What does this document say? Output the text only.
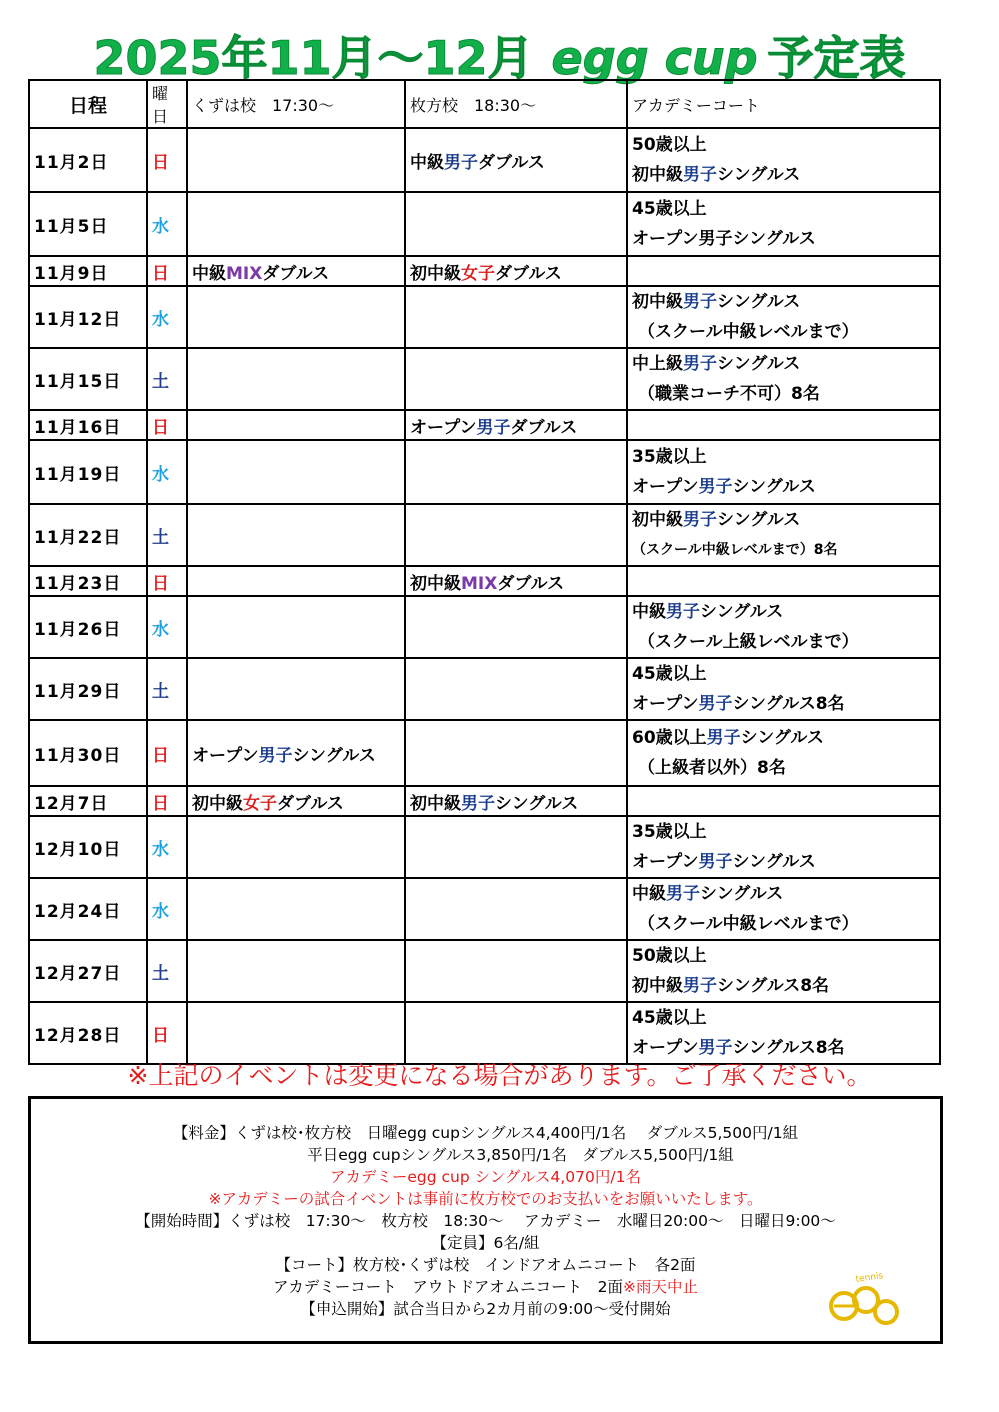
2025年11月～12月 egg cup 予定表
日程	曜日	くずは校　17:30～	枚方校　18:30～	アカデミーコート
11月2日	日		中級男子ダブルス	50歳以上
初中級男子シングルス

11月5日	水			45歳以上
オープン男子シングルス

11月9日	日	中級MIXダブルス	初中級女子ダブルス	
11月12日	水			初中級男子シングルス
（スクール中級レベルまで）

11月15日	土			中上級男子シングルス
（職業コーチ不可）8名

11月16日	日		オープン男子ダブルス	
11月19日	水			35歳以上
オープン男子シングルス

11月22日	土			初中級男子シングルス
（スクール中級レベルまで）8名

11月23日	日		初中級MIXダブルス	
11月26日	水			中級男子シングルス
（スクール上級レベルまで）

11月29日	土			45歳以上
オープン男子シングルス8名

11月30日	日	オープン男子シングルス		60歳以上男子シングルス
（上級者以外）8名

12月7日	日	初中級女子ダブルス	初中級男子シングルス	
12月10日	水			35歳以上
オープン男子シングルス

12月24日	水			中級男子シングルス
（スクール中級レベルまで）

12月27日	土			50歳以上
初中級男子シングルス8名

12月28日	日			45歳以上
オープン男子シングルス8名
※上記のイベントは変更になる場合があります。ご了承ください。
【料金】くずは校･枚方校　日曜egg cupシングルス4,400円/1名　 ダブルス5,500円/1組
平日egg cupシングルス3,850円/1名　ダブルス5,500円/1組
アカデミーegg cup シングルス4,070円/1名
※アカデミーの試合イベントは事前に枚方校でのお支払いをお願いいたします。
【開始時間】くずは校　17:30～　枚方校　18:30～　 アカデミー　水曜日20:00～　日曜日9:00～
【定員】6名/組
【コート】枚方校･くずは校　インドアオムニコート　各2面
アカデミーコート　アウトドアオムニコート　2面※雨天中止
【申込開始】試合当日から2カ月前の9:00～受付開始
tennis
